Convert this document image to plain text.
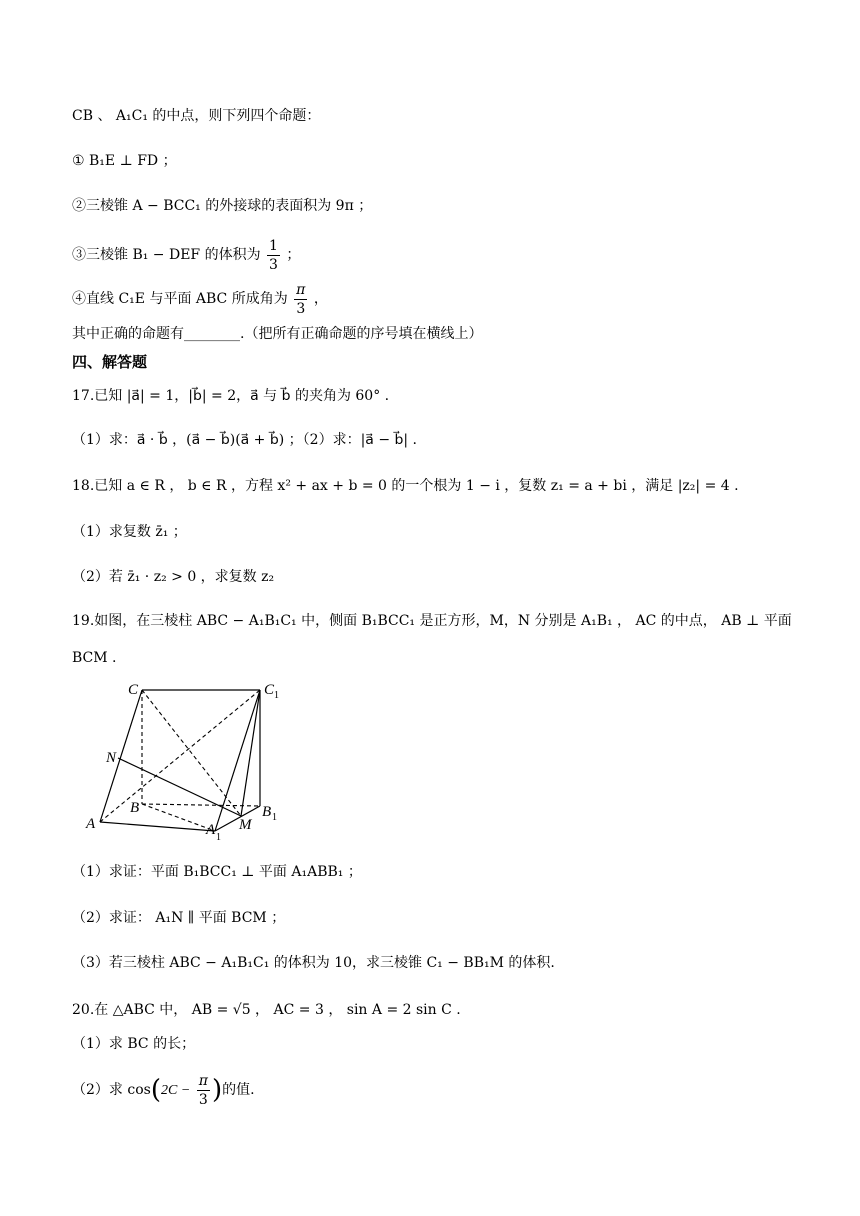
CB 、 A₁C₁ 的中点，则下列四个命题：
① B₁E ⊥ FD ；
②三棱锥 A − BCC₁ 的外接球的表面积为 9π ；
③三棱锥 B₁ − DEF 的体积为 $\frac{1}{3}$ ；
④直线 C₁E 与平面 ABC 所成角为 $\frac{\pi}{3}$ ，
其中正确的命题有________.（把所有正确命题的序号填在横线上）
四、解答题
17.已知 |a⃗| = 1，|b⃗| = 2，a⃗ 与 b⃗ 的夹角为 60° .
（1）求：a⃗ · b⃗ ，(a⃗ − b⃗)(a⃗ + b⃗) ；（2）求：|a⃗ − b⃗| .
18.已知 a ∈ R ， b ∈ R ，方程 x² + ax + b = 0 的一个根为 1 − i ，复数 z₁ = a + bi ，满足 |z₂| = 4 .
（1）求复数 z̄₁ ；
（2）若 z̄₁ · z₂ > 0 ，求复数 z₂
19.如图，在三棱柱 ABC − A₁B₁C₁ 中，侧面 B₁BCC₁ 是正方形，M，N 分别是 A₁B₁ ， AC 的中点， AB ⊥ 平面
BCM .
C	C 1
N
B
A	A 1
M
B 1
（1）求证：平面 B₁BCC₁ ⊥ 平面 A₁ABB₁ ；
（2）求证： A₁N ∥ 平面 BCM ；
（3）若三棱柱 ABC − A₁B₁C₁ 的体积为 10，求三棱锥 C₁ − BB₁M 的体积.
20.在 △ABC 中， AB = √5 ， AC = 3 ， sin A = 2 sin C .
（1）求 BC 的长；
（2）求 $\cos(2C - \frac{\pi}{3}$ )的值.
